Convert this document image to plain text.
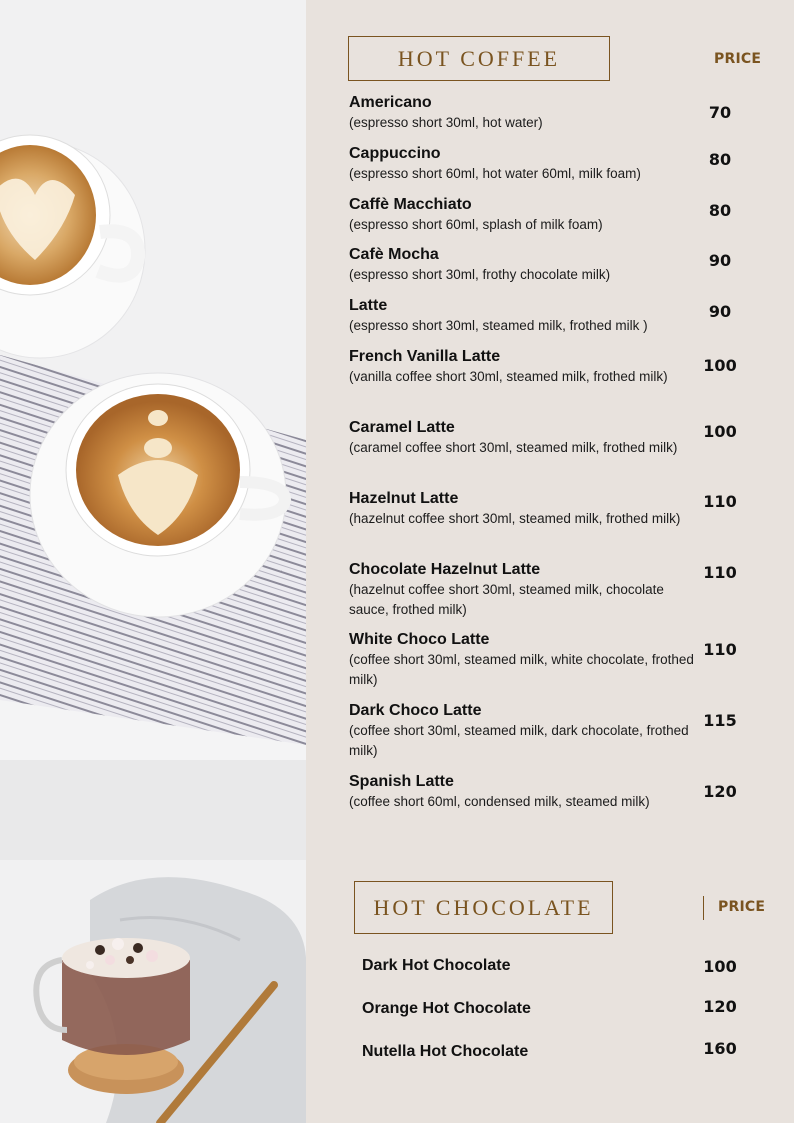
HOT COFFEE	PRICE
Americano
(espresso short 30ml, hot water)
70
Cappuccino
(espresso short 60ml, hot water 60ml, milk foam)
80
Caffè Macchiato
(espresso short 60ml, splash of milk foam)
80
Cafè Mocha
(espresso short 30ml, frothy chocolate milk)
90
Latte
(espresso short 30ml, steamed milk, frothed milk )
90
French Vanilla Latte
(vanilla coffee short 30ml, steamed milk, frothed milk)
100
Caramel Latte
(caramel coffee short 30ml, steamed milk, frothed milk)
100
Hazelnut Latte
(hazelnut coffee short 30ml, steamed milk, frothed milk)
110
Chocolate Hazelnut Latte
(hazelnut coffee short 30ml, steamed milk, chocolate sauce, frothed milk)
110
White Choco Latte
(coffee short 30ml, steamed milk, white chocolate, frothed milk)
110
Dark Choco Latte
(coffee short 30ml, steamed milk, dark chocolate, frothed milk)
115
Spanish Latte
(coffee short 60ml, condensed milk, steamed milk)
120
HOT CHOCOLATE	PRICE
Dark Hot Chocolate	100
Orange Hot Chocolate	120
Nutella Hot Chocolate	160
